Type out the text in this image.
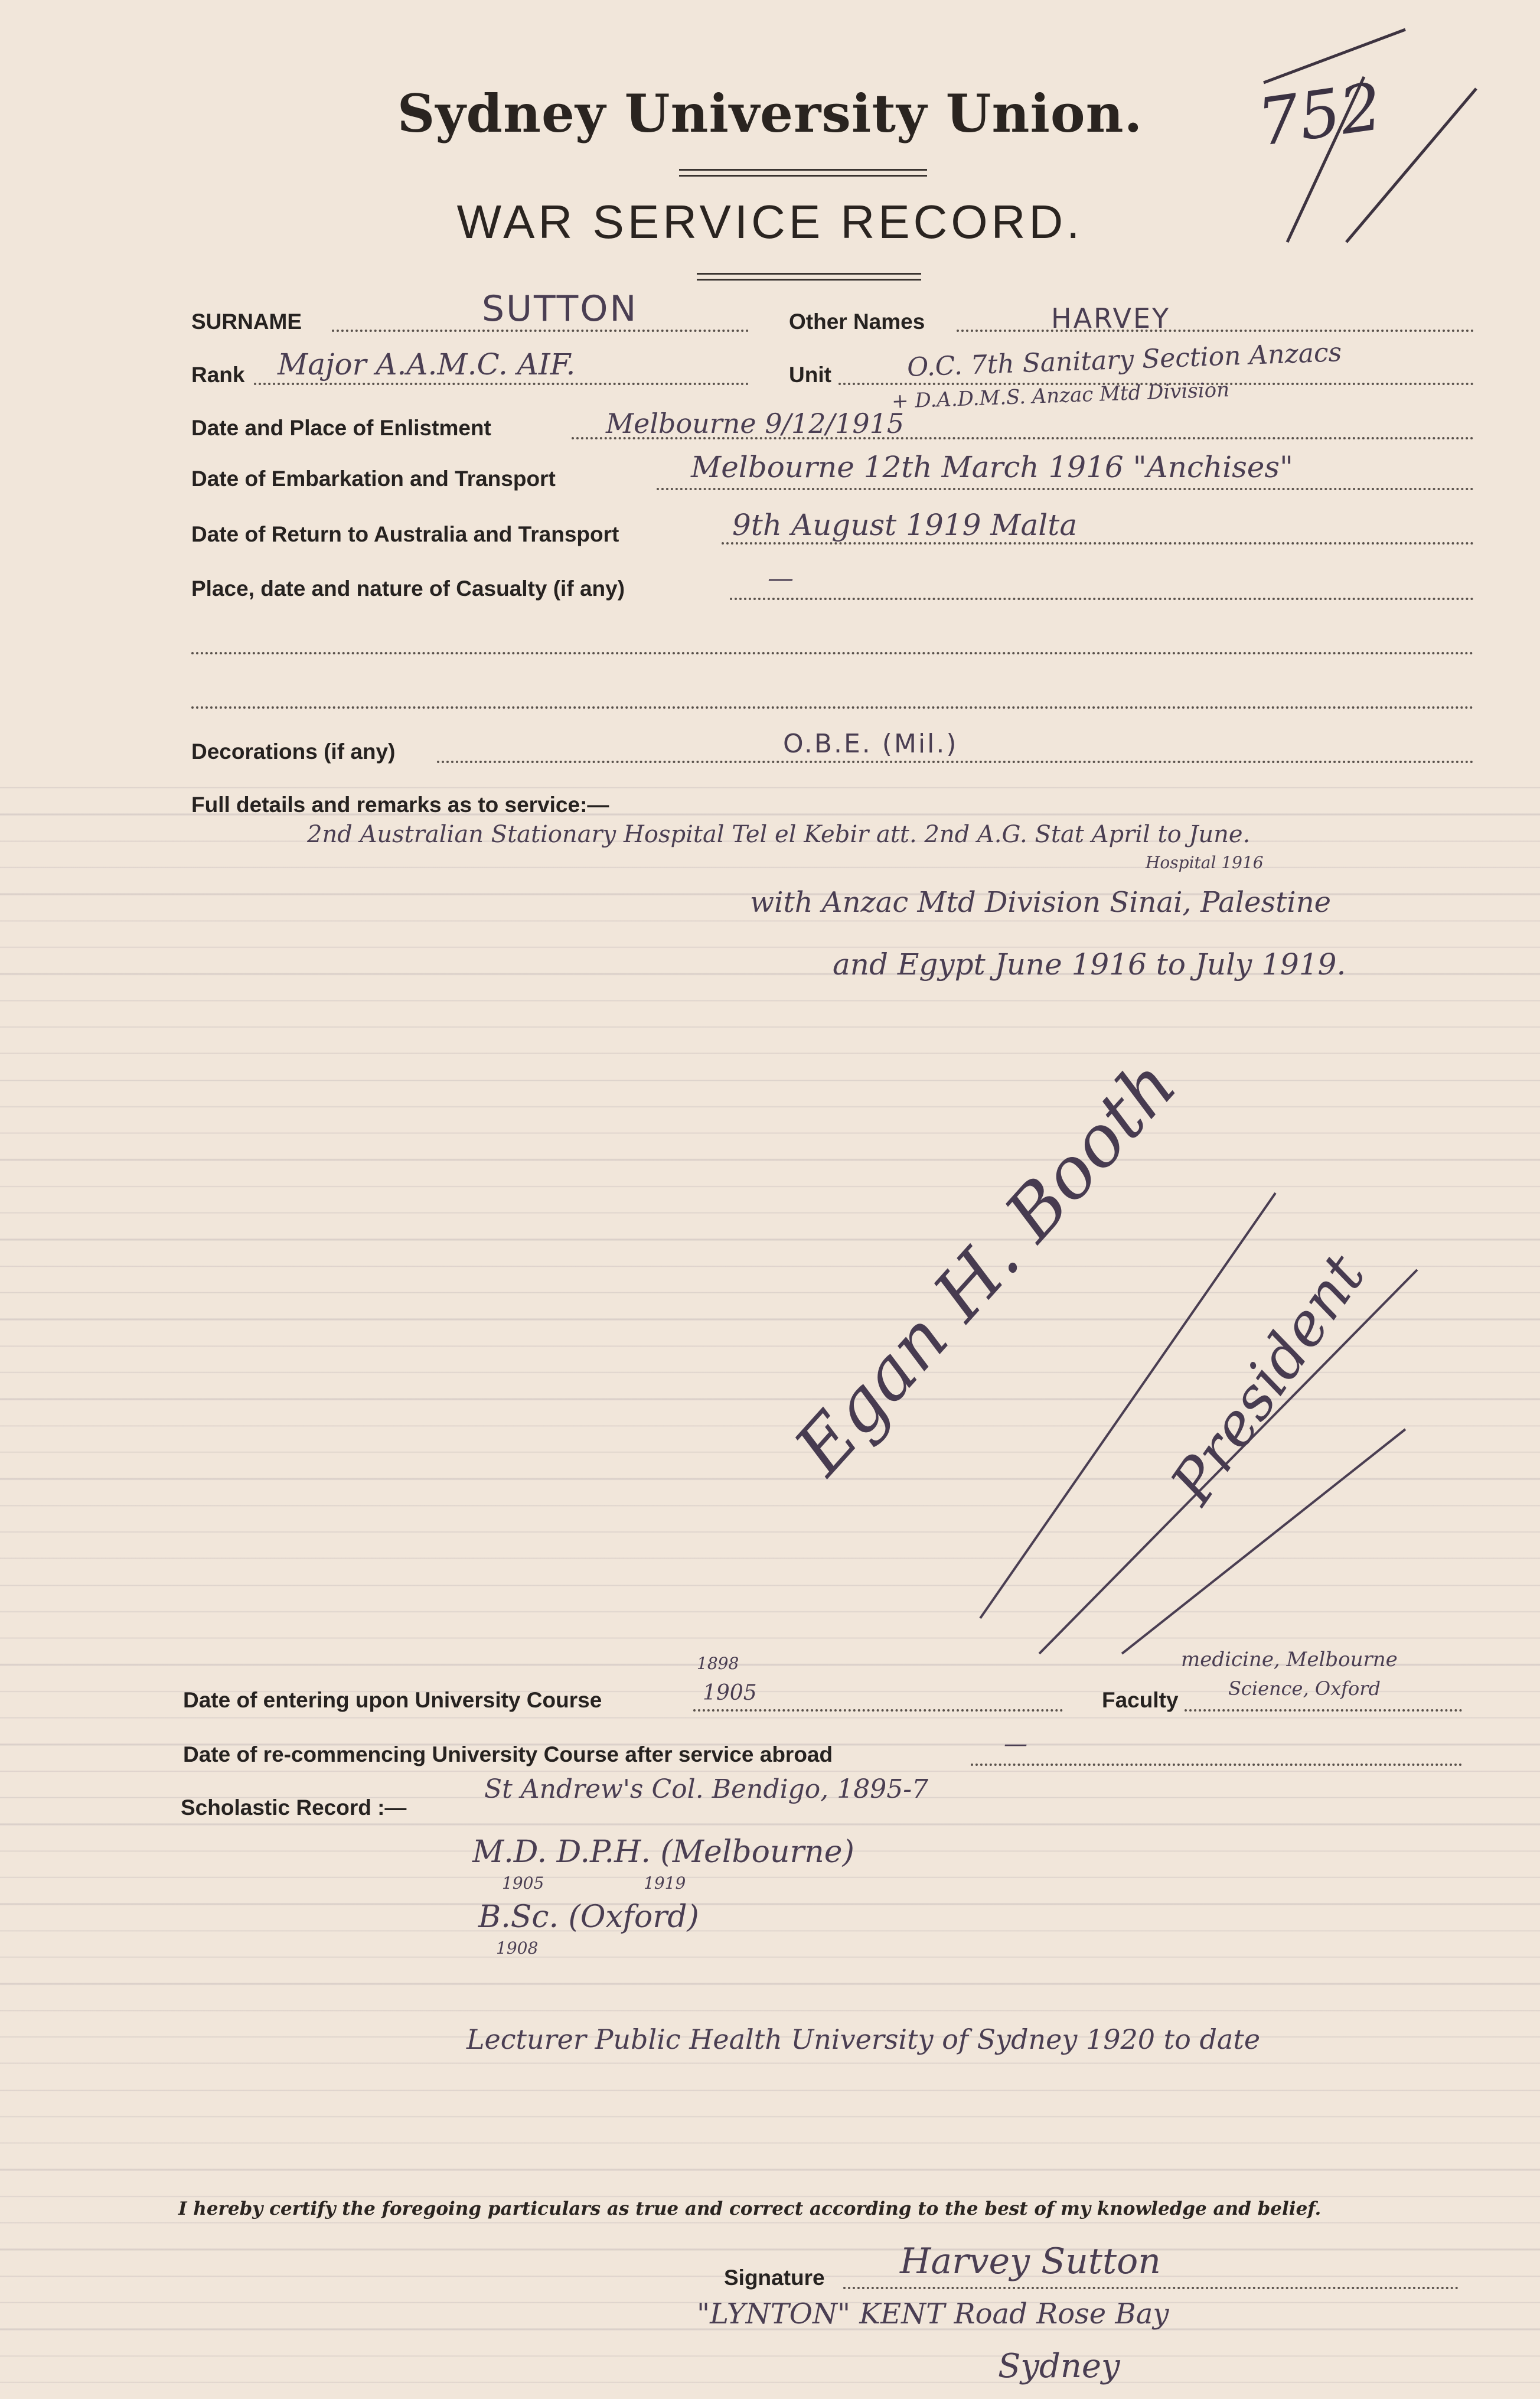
Sydney University Union.
WAR SERVICE RECORD.
752
SURNAME	SUTTON	Other Names	HARVEY
Rank Major A.A.M.C. AIF.	Unit	O.C. 7th Sanitary Section Anzacs
Date and Place of Enlistment	Melbourne 9/12/1915
+ D.A.D.M.S. Anzac Mtd Division
Date of Embarkation and Transport	Melbourne 12th March 1916 "Anchises"
Date of Return to Australia and Transport	9th August 1919 Malta
Place, date and nature of Casualty (if any)	—
Decorations (if any)	O.B.E. (Mil.)
Full details and remarks as to service:—
2nd Australian Stationary Hospital Tel el Kebir att. 2nd A.G. Stat April to June.
Hospital 1916
with Anzac Mtd Division Sinai, Palestine
and Egypt June 1916 to July 1919.
Egan H. Booth
President
1898
Date of entering upon University Course	1905
medicine, Melbourne
Faculty	Science, Oxford
Date of re-commencing University Course after service abroad	—
Scholastic Record :—
St Andrew's Col. Bendigo, 1895-7
M.D. D.P.H. (Melbourne)
1905	1919
B.Sc. (Oxford)
1908
Lecturer Public Health University of Sydney 1920 to date
I hereby certify the foregoing particulars as true and correct according to the best of my knowledge and belief.
Signature Harvey Sutton
"LYNTON" KENT Road Rose Bay
Sydney
